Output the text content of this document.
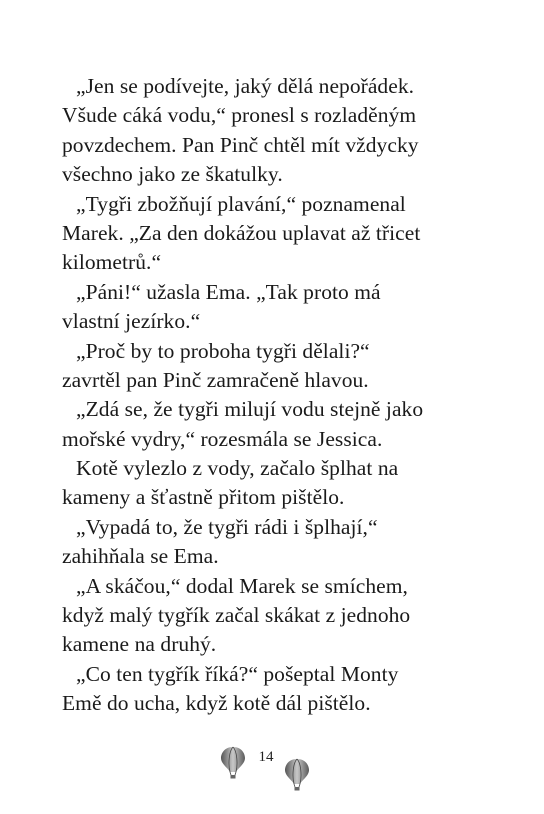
„Jen se podívejte, jaký dělá nepořádek.
Všude cáká vodu,“ pronesl s rozladěným
povzdechem. Pan Pinč chtěl mít vždycky
všechno jako ze škatulky.
„Tygři zbožňují plavání,“ poznamenal
Marek. „Za den dokážou uplavat až třicet
kilometrů.“
„Páni!“ užasla Ema. „Tak proto má
vlastní jezírko.“
„Proč by to proboha tygři dělali?“
zavrtěl pan Pinč zamračeně hlavou.
„Zdá se, že tygři milují vodu stejně jako
mořské vydry,“ rozesmála se Jessica.
Kotě vylezlo z vody, začalo šplhat na
kameny a šťastně přitom pištělo.
„Vypadá to, že tygři rádi i šplhají,“
zahihňala se Ema.
„A skáčou,“ dodal Marek se smíchem,
když malý tygřík začal skákat z jednoho
kamene na druhý.
„Co ten tygřík říká?“ pošeptal Monty
Emě do ucha, když kotě dál pištělo.
14
